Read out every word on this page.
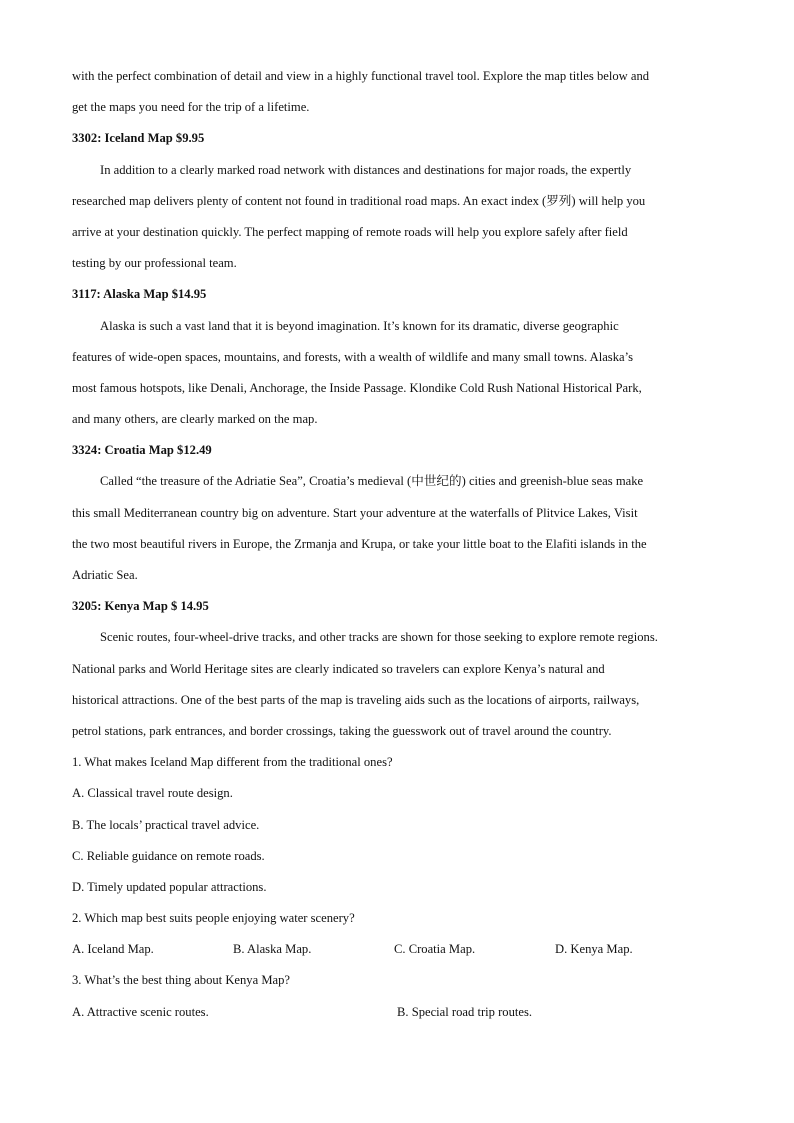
with the perfect combination of detail and view in a highly functional travel tool. Explore the map titles below and
get the maps you need for the trip of a lifetime.
3302: Iceland Map $9.95
In addition to a clearly marked road network with distances and destinations for major roads, the expertly
researched map delivers plenty of content not found in traditional road maps. An exact index (罗列) will help you
arrive at your destination quickly. The perfect mapping of remote roads will help you explore safely after field
testing by our professional team.
3117: Alaska Map $14.95
Alaska is such a vast land that it is beyond imagination. It’s known for its dramatic, diverse geographic
features of wide-open spaces, mountains, and forests, with a wealth of wildlife and many small towns. Alaska’s
most famous hotspots, like Denali, Anchorage, the Inside Passage. Klondike Cold Rush National Historical Park,
and many others, are clearly marked on the map.
3324: Croatia Map $12.49
Called “the treasure of the Adriatie Sea”, Croatia’s medieval (中世纪的) cities and greenish-blue seas make
this small Mediterranean country big on adventure. Start your adventure at the waterfalls of Plitvice Lakes, Visit
the two most beautiful rivers in Europe, the Zrmanja and Krupa, or take your little boat to the Elafiti islands in the
Adriatic Sea.
3205: Kenya Map $ 14.95
Scenic routes, four-wheel-drive tracks, and other tracks are shown for those seeking to explore remote regions.
National parks and World Heritage sites are clearly indicated so travelers can explore Kenya’s natural and
historical attractions. One of the best parts of the map is traveling aids such as the locations of airports, railways,
petrol stations, park entrances, and border crossings, taking the guesswork out of travel around the country.
1. What makes Iceland Map different from the traditional ones?
A. Classical travel route design.
B. The locals’ practical travel advice.
C. Reliable guidance on remote roads.
D. Timely updated popular attractions.
2. Which map best suits people enjoying water scenery?
A. Iceland Map.	B. Alaska Map.	C. Croatia Map.	D. Kenya Map.
3. What’s the best thing about Kenya Map?
A. Attractive scenic routes.	B. Special road trip routes.
